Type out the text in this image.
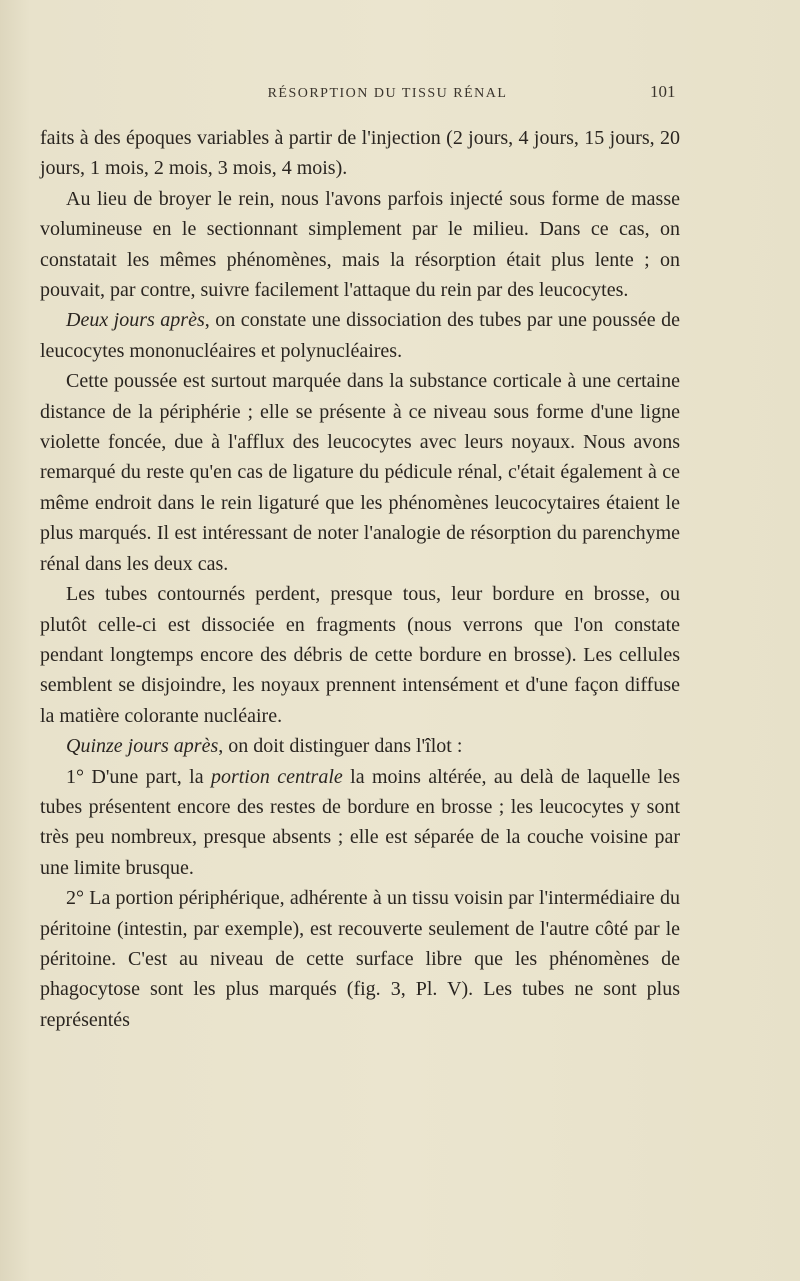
RÉSORPTION DU TISSU RÉNAL	101

faits à des époques variables à partir de l'injection (2 jours, 4 jours, 15 jours, 20 jours, 1 mois, 2 mois, 3 mois, 4 mois).

Au lieu de broyer le rein, nous l'avons parfois injecté sous forme de masse volumineuse en le sectionnant simplement par le milieu. Dans ce cas, on constatait les mêmes phénomènes, mais la résorption était plus lente ; on pouvait, par contre, suivre facilement l'attaque du rein par des leucocytes.

Deux jours après, on constate une dissociation des tubes par une poussée de leucocytes mononucléaires et polynucléaires.

Cette poussée est surtout marquée dans la substance corticale à une certaine distance de la périphérie ; elle se présente à ce niveau sous forme d'une ligne violette foncée, due à l'afflux des leucocytes avec leurs noyaux. Nous avons remarqué du reste qu'en cas de ligature du pédicule rénal, c'était également à ce même endroit dans le rein ligaturé que les phénomènes leucocytaires étaient le plus marqués. Il est intéressant de noter l'analogie de résorption du parenchyme rénal dans les deux cas.

Les tubes contournés perdent, presque tous, leur bordure en brosse, ou plutôt celle-ci est dissociée en fragments (nous verrons que l'on constate pendant longtemps encore des débris de cette bordure en brosse). Les cellules semblent se disjoindre, les noyaux prennent intensément et d'une façon diffuse la matière colorante nucléaire.

Quinze jours après, on doit distinguer dans l'îlot :

1° D'une part, la portion centrale la moins altérée, au delà de laquelle les tubes présentent encore des restes de bordure en brosse ; les leucocytes y sont très peu nombreux, presque absents ; elle est séparée de la couche voisine par une limite brusque.

2° La portion périphérique, adhérente à un tissu voisin par l'intermédiaire du péritoine (intestin, par exemple), est recouverte seulement de l'autre côté par le péritoine. C'est au niveau de cette surface libre que les phénomènes de phagocytose sont les plus marqués (fig. 3, Pl. V). Les tubes ne sont plus représentés
